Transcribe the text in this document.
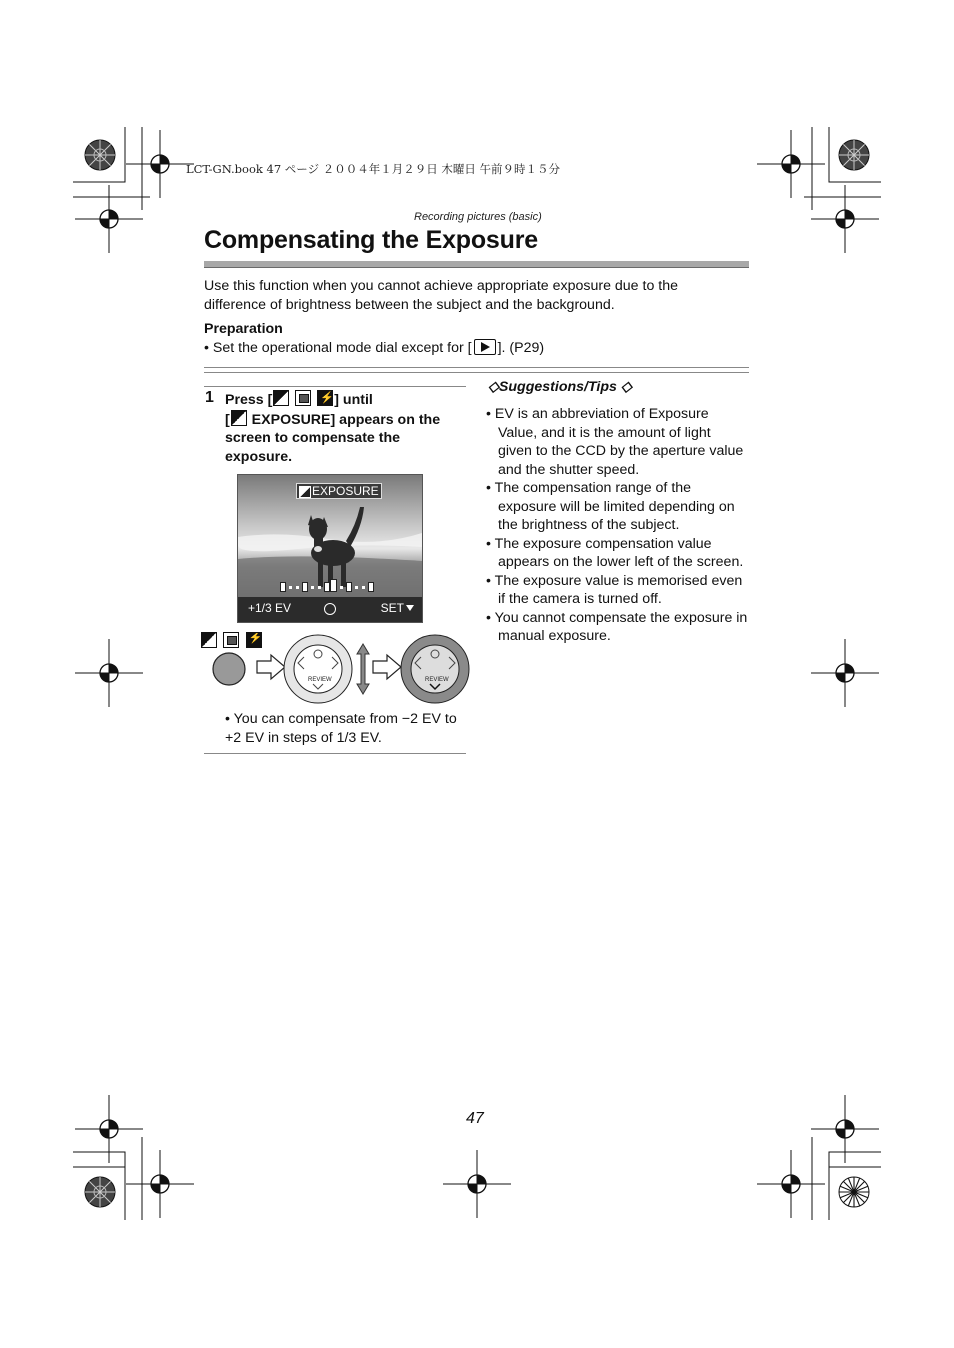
LCT-GN.book 47 ページ ２００４年１月２９日 木曜日 午前９時１５分
Recording pictures (basic)
Compensating the Exposure
Use this function when you cannot achieve appropriate exposure due to the difference of brightness between the subject and the background.
Preparation
• Set the operational mode dial except for [ ]. (P29)
1 Press [  ⚡	] until
[ EXPOSURE] appears on the screen to compensate the exposure.
EXPOSURE
+1/3 EV	SET
⚡
REVIEW	REVIEW
• You can compensate from −2 EV to +2 EV in steps of 1/3 EV.
◇Suggestions/Tips ◇
• EV is an abbreviation of Exposure Value, and it is the amount of light given to the CCD by the aperture value and the shutter speed.
• The compensation range of the exposure will be limited depending on the brightness of the subject.
• The exposure compensation value appears on the lower left of the screen.
• The exposure value is memorised even if the camera is turned off.
• You cannot compensate the exposure in manual exposure.
47
